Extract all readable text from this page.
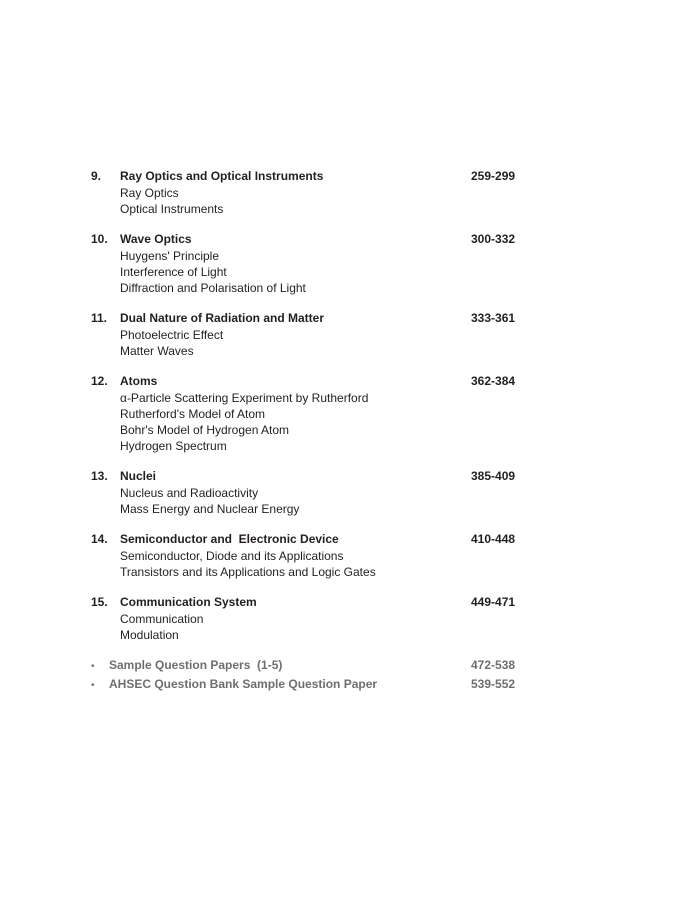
9.	Ray Optics and Optical Instruments	259-299
Ray Optics
Optical Instruments
10.	Wave Optics	300-332
Huygens' Principle
Interference of Light
Diffraction and Polarisation of Light
11.	Dual Nature of Radiation and Matter	333-361
Photoelectric Effect
Matter Waves
12.	Atoms	362-384
α-Particle Scattering Experiment by Rutherford
Rutherford's Model of Atom
Bohr's Model of Hydrogen Atom
Hydrogen Spectrum
13.	Nuclei	385-409
Nucleus and Radioactivity
Mass Energy and Nuclear Energy
14.	Semiconductor and  Electronic Device	410-448
Semiconductor, Diode and its Applications
Transistors and its Applications and Logic Gates
15.	Communication System	449-471
Communication
Modulation
•	Sample Question Papers  (1-5)	472-538
•	AHSEC Question Bank Sample Question Paper	539-552
